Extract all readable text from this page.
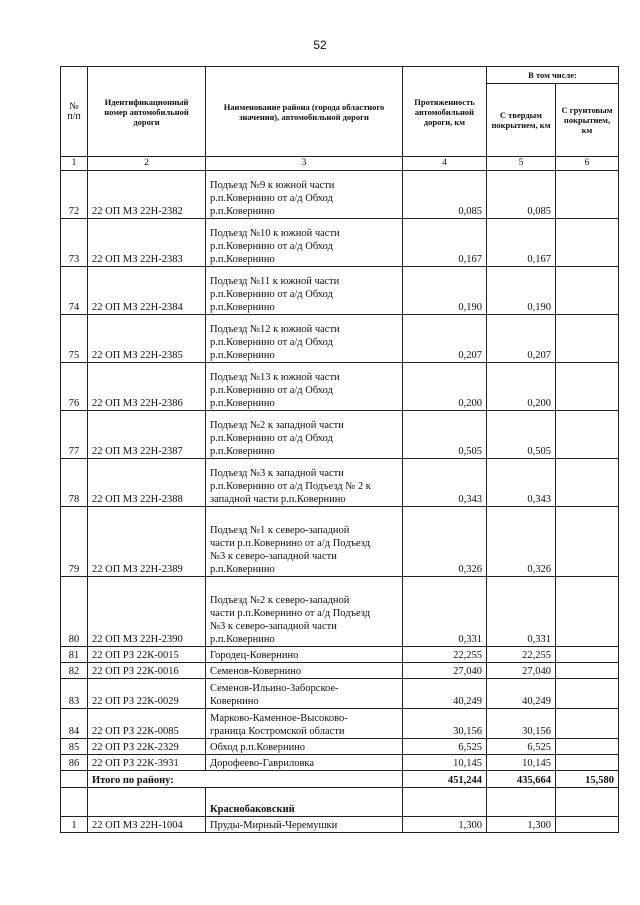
52
№ п/п	Идентификационный номер автомобильной дороги	Наименование района (города областного значения), автомобильной дороги	Протяженность автомобильной дороги, км	В том числе:	
				С твердым покрытием, км	С грунтовым покрытием, км
1	2	3	4	5	6
72	22 ОП МЗ 22Н-2382	Подъезд №9 к южной части
р.п.Ковернино от а/д Обход
р.п.Ковернино	0,085	0,085	
73	22 ОП МЗ 22Н-2383	Подъезд №10 к южной части
р.п.Ковернино от а/д Обход
р.п.Ковернино	0,167	0,167	
74	22 ОП МЗ 22Н-2384	Подъезд №11 к южной части
р.п.Ковернино от а/д Обход
р.п.Ковернино	0,190	0,190	
75	22 ОП МЗ 22Н-2385	Подъезд №12 к южной части
р.п.Ковернино от а/д Обход
р.п.Ковернино	0,207	0,207	
76	22 ОП МЗ 22Н-2386	Подъезд №13 к южной части
р.п.Ковернино от а/д Обход
р.п.Ковернино	0,200	0,200	
77	22 ОП МЗ 22Н-2387	Подъезд №2 к западной части
р.п.Ковернино от а/д Обход
р.п.Ковернино	0,505	0,505	
78	22 ОП МЗ 22Н-2388	Подъезд №3 к западной части
р.п.Ковернино от а/д Подъезд № 2 к
западной части р.п.Ковернино	0,343	0,343	
79	22 ОП МЗ 22Н-2389	Подъезд №1 к северо-западной
части р.п.Ковернино от а/д Подъезд
№3 к северо-западной части
р.п.Ковернино	0,326	0,326	
80	22 ОП МЗ 22Н-2390	Подъезд №2 к северо-западной
части р.п.Ковернино от а/д Подъезд
№3 к северо-западной части
р.п.Ковернино	0,331	0,331	
81	22 ОП РЗ 22К-0015	Городец-Ковернино	22,255	22,255	
82	22 ОП РЗ 22К-0016	Семенов-Ковернино	27,040	27,040	
83	22 ОП РЗ 22К-0029	Семенов-Ильино-Заборское-
Ковернино	40,249	40,249	
84	22 ОП РЗ 22К-0085	Марково-Каменное-Высоково-
граница Костромской области	30,156	30,156	
85	22 ОП РЗ 22К-2329	Обход р.п.Ковернино	6,525	6,525	
86	22 ОП РЗ 22К-3931	Дорофеево-Гавриловка	10,145	10,145	
	Итого по району:		451,244	435,664	15,580
		Краснобаковский			
1	22 ОП МЗ 22Н-1004	Пруды-Мирный-Черемушки	1,300	1,300	
